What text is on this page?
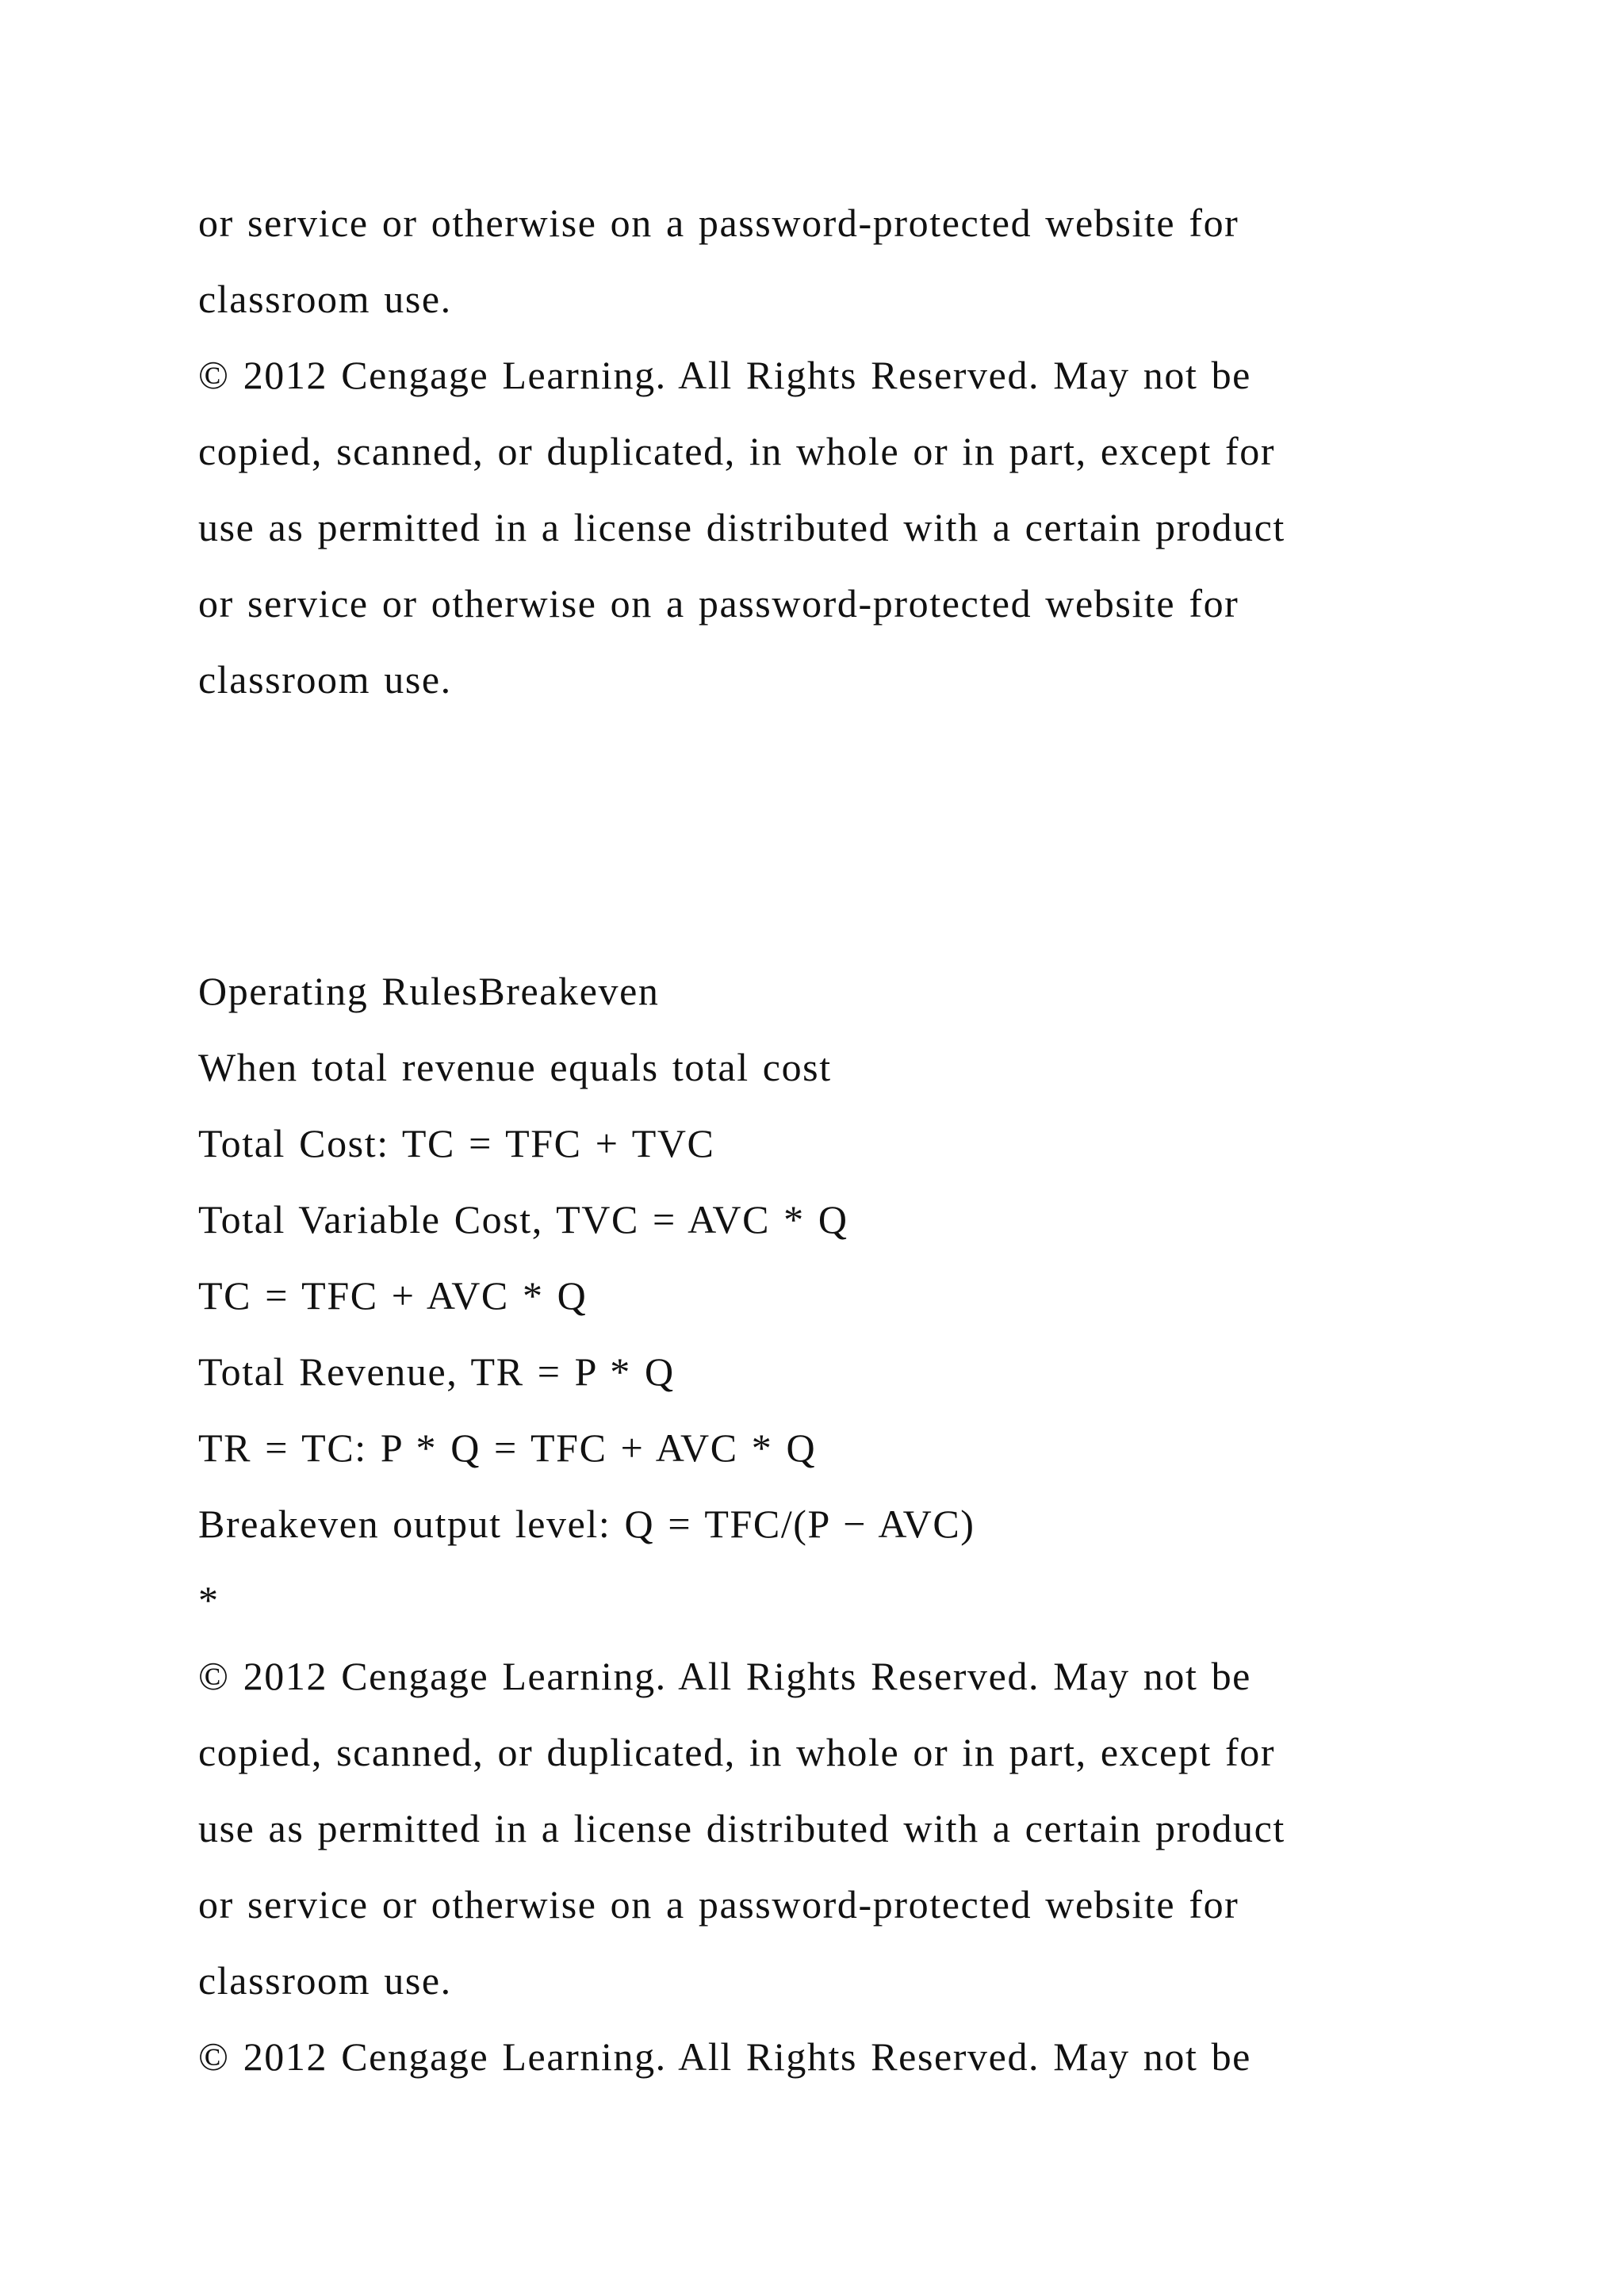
or service or otherwise on a password-protected website for
classroom use.
© 2012 Cengage Learning. All Rights Reserved. May not be
copied, scanned, or duplicated, in whole or in part, except for
use as permitted in a license distributed with a certain product
or service or otherwise on a password-protected website for
classroom use.
Operating RulesBreakeven
When total revenue equals total cost
Total Cost: TC = TFC + TVC
Total Variable Cost, TVC = AVC * Q
TC = TFC + AVC * Q
Total Revenue, TR = P * Q
TR = TC: P * Q = TFC + AVC * Q
Breakeven output level: Q = TFC/(P − AVC)
*
© 2012 Cengage Learning. All Rights Reserved. May not be
copied, scanned, or duplicated, in whole or in part, except for
use as permitted in a license distributed with a certain product
or service or otherwise on a password-protected website for
classroom use.
© 2012 Cengage Learning. All Rights Reserved. May not be
